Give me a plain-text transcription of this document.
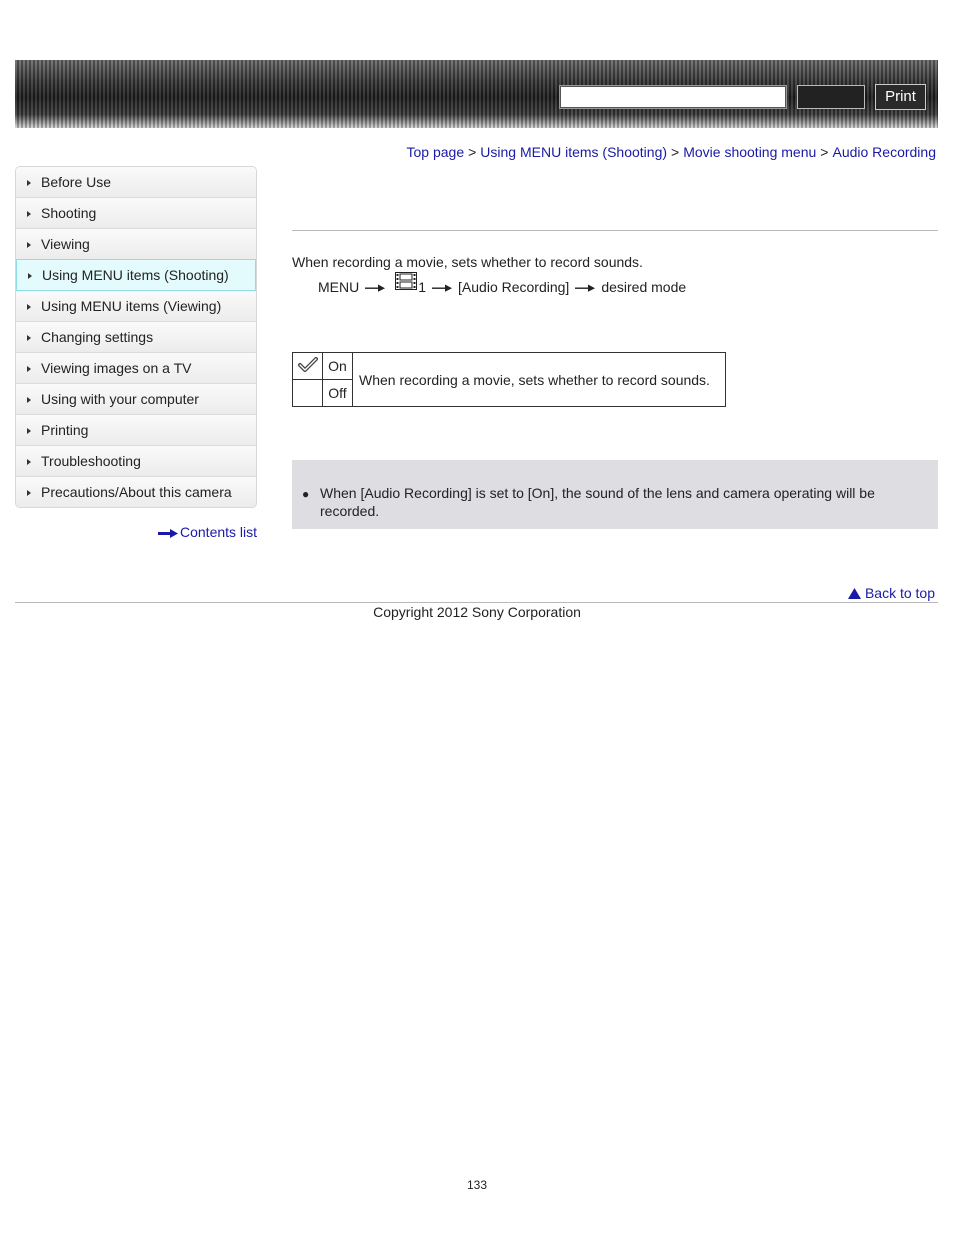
Print
Top page > Using MENU items (Shooting) > Movie shooting menu > Audio Recording
Before Use
Shooting
Viewing
Using MENU items (Shooting)
Using MENU items (Viewing)
Changing settings
Viewing images on a TV
Using with your computer
Printing
Troubleshooting
Precautions/About this camera
Contents list
When recording a movie, sets whether to record sounds.
MENU	1 [Audio Recording] desired mode
	On	When recording a movie, sets whether to record sounds.
	Off	
● When [Audio Recording] is set to [On], the sound of the lens and camera operating will be recorded.
Back to top
Copyright 2012 Sony Corporation
133
